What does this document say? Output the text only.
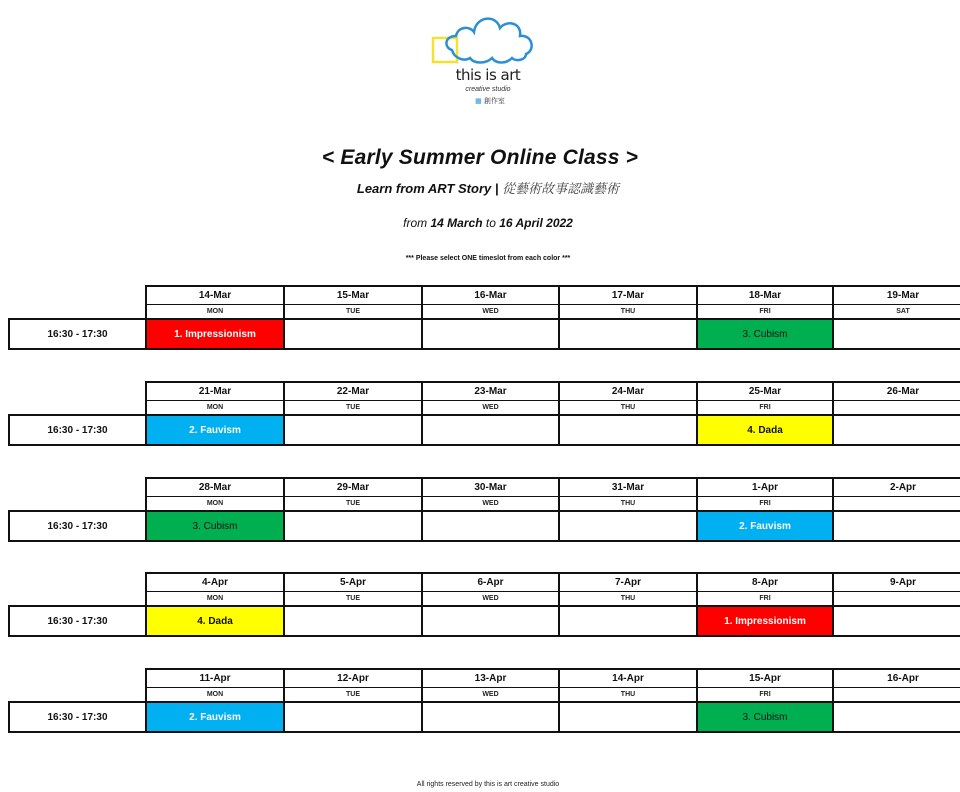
this is art
creative studio
▦ 創作室
< Early Summer Online Class >
Learn from ART Story | 從藝術故事認識藝術
from 14 March to 16 April 2022
*** Please select ONE timeslot from each color ***
16:30 - 17:30
14-Mar
MON
1. Impressionism
15-Mar
TUE
16-Mar
WED
17-Mar
THU
18-Mar
FRI
3. Cubism
19-Mar
SAT
16:30 - 17:30
21-Mar
MON
2. Fauvism
22-Mar
TUE
23-Mar
WED
24-Mar
THU
25-Mar
FRI
4. Dada
26-Mar
16:30 - 17:30
28-Mar
MON
3. Cubism
29-Mar
TUE
30-Mar
WED
31-Mar
THU
1-Apr
FRI
2. Fauvism
2-Apr
16:30 - 17:30
4-Apr
MON
4. Dada
5-Apr
TUE
6-Apr
WED
7-Apr
THU
8-Apr
FRI
1. Impressionism
9-Apr
16:30 - 17:30
11-Apr
MON
2. Fauvism
12-Apr
TUE
13-Apr
WED
14-Apr
THU
15-Apr
FRI
3. Cubism
16-Apr
All rights reserved by this is art creative studio
